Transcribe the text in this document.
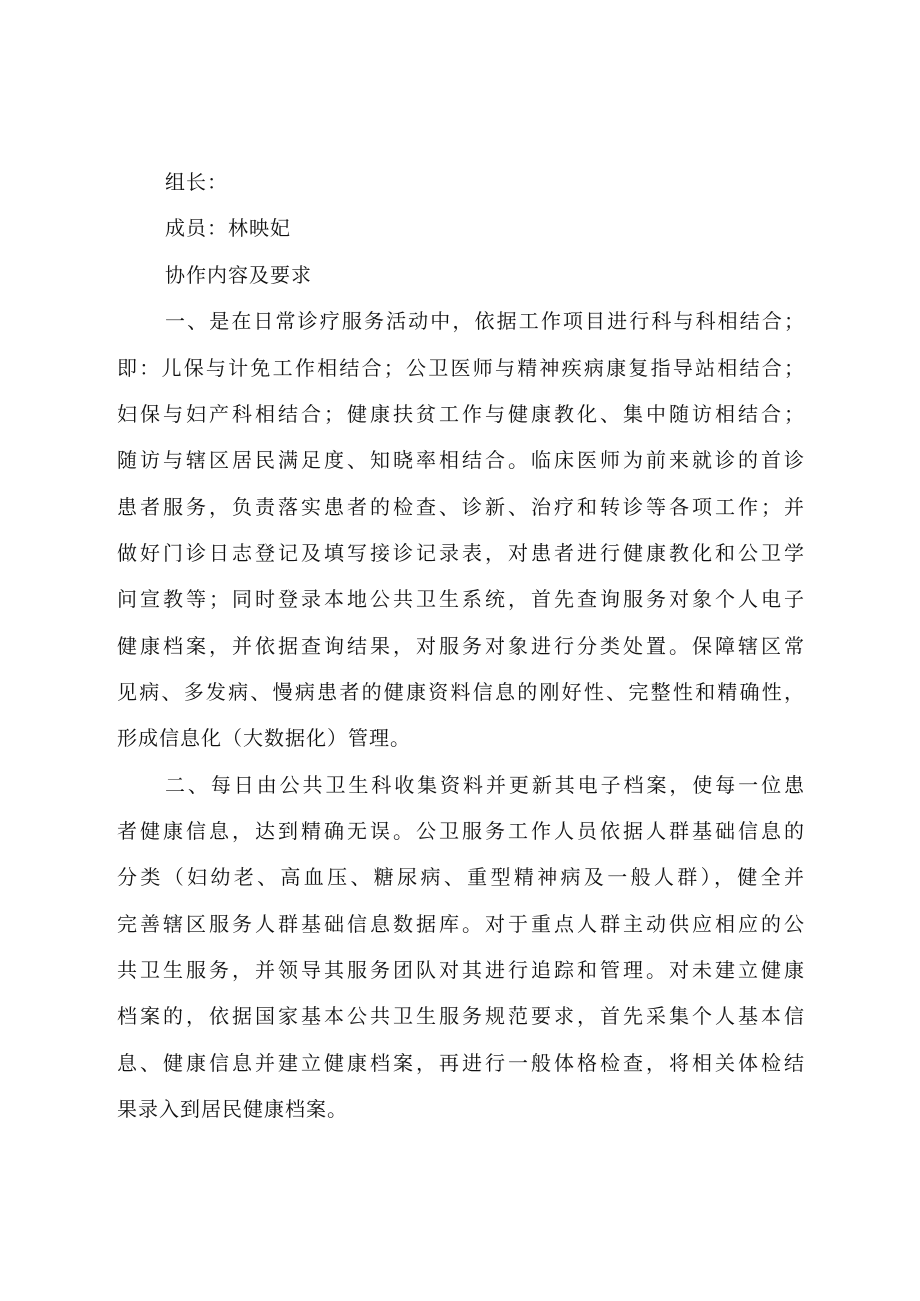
组长：
成员：林映妃
协作内容及要求
一、是在日常诊疗服务活动中，依据工作项目进行科与科相结合；
即：儿保与计免工作相结合；公卫医师与精神疾病康复指导站相结合；
妇保与妇产科相结合；健康扶贫工作与健康教化、集中随访相结合；
随访与辖区居民满足度、知晓率相结合。临床医师为前来就诊的首诊
患者服务，负责落实患者的检查、诊新、治疗和转诊等各项工作；并
做好门诊日志登记及填写接诊记录表，对患者进行健康教化和公卫学
问宣教等；同时登录本地公共卫生系统，首先查询服务对象个人电子
健康档案，并依据查询结果，对服务对象进行分类处置。保障辖区常
见病、多发病、慢病患者的健康资料信息的刚好性、完整性和精确性，
形成信息化（大数据化）管理。
二、每日由公共卫生科收集资料并更新其电子档案，使每一位患
者健康信息，达到精确无误。公卫服务工作人员依据人群基础信息的
分类（妇幼老、高血压、糖尿病、重型精神病及一般人群），健全并
完善辖区服务人群基础信息数据库。对于重点人群主动供应相应的公
共卫生服务，并领导其服务团队对其进行追踪和管理。对未建立健康
档案的，依据国家基本公共卫生服务规范要求，首先采集个人基本信
息、健康信息并建立健康档案，再进行一般体格检查，将相关体检结
果录入到居民健康档案。
